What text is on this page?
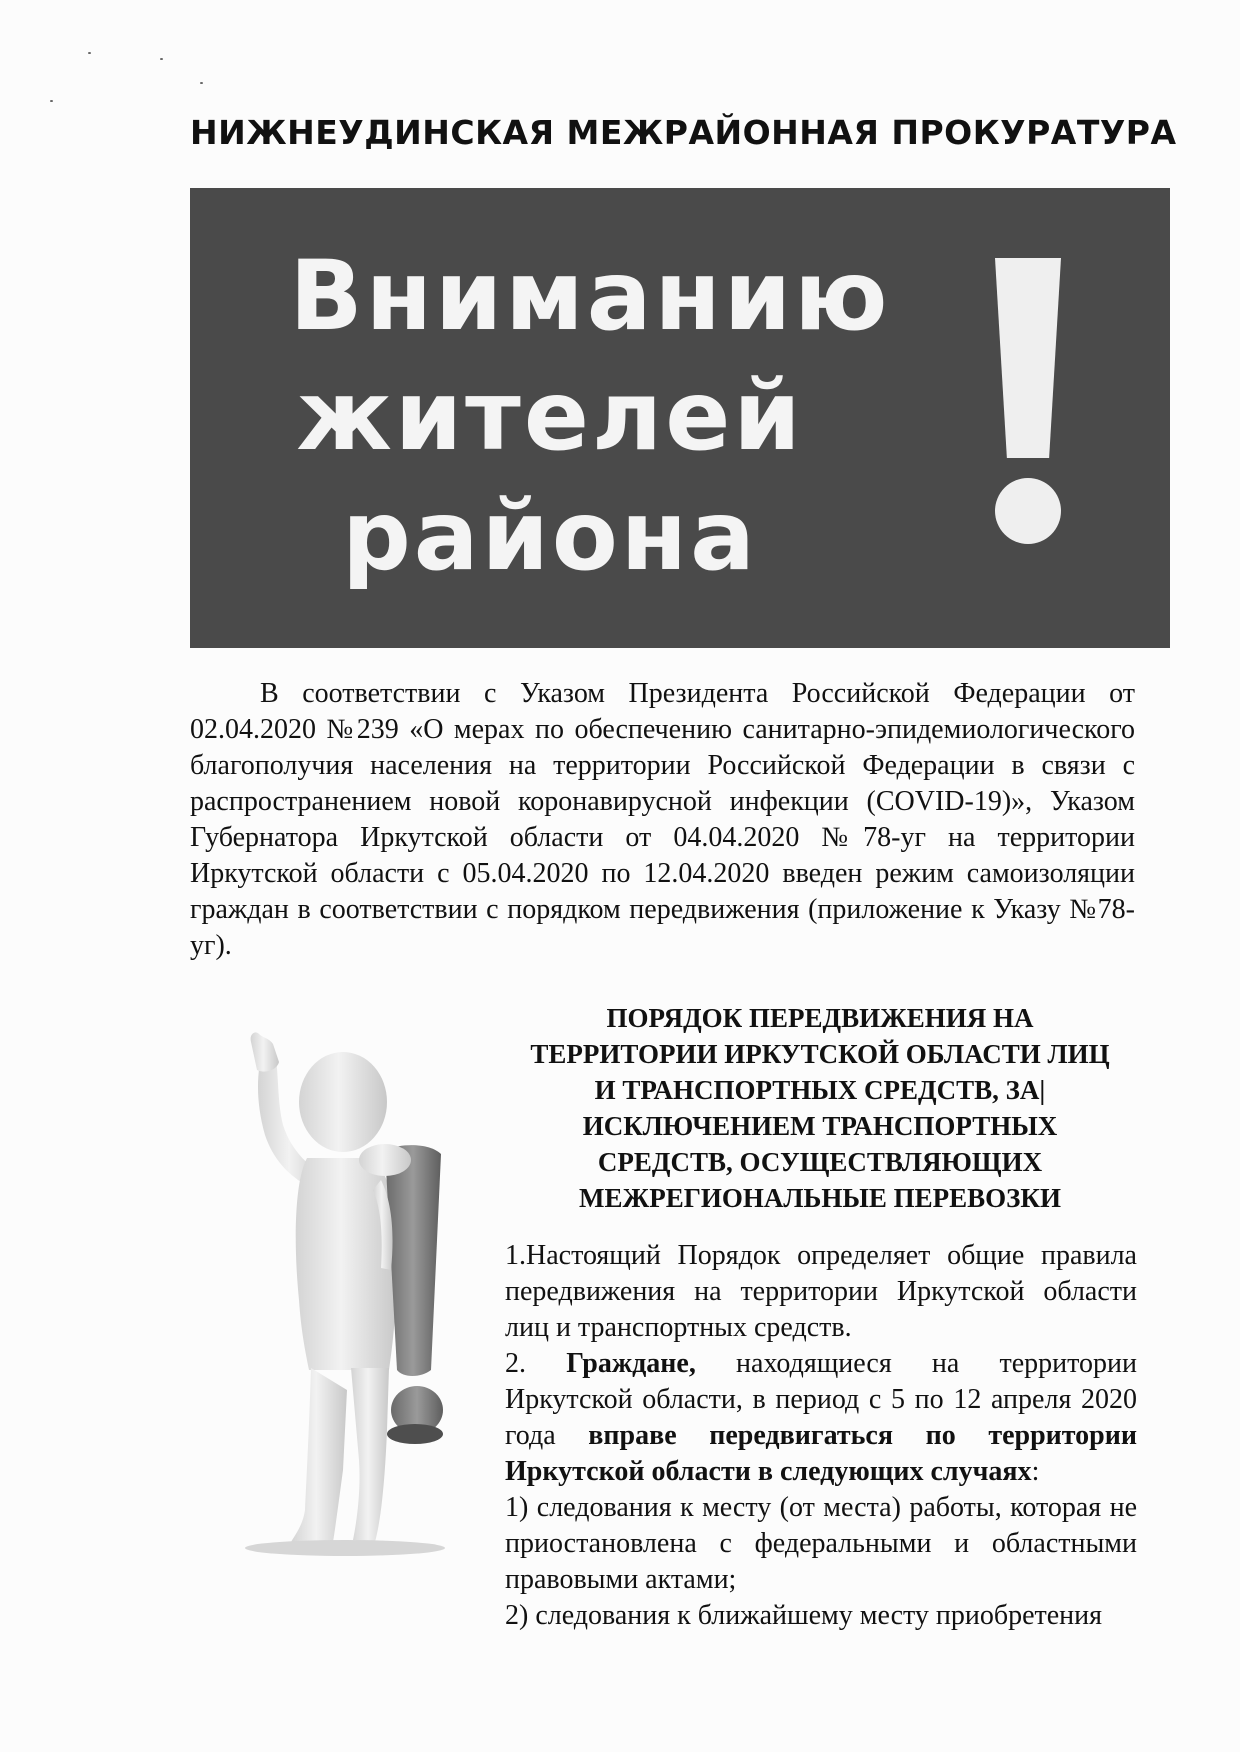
НИЖНЕУДИНСКАЯ МЕЖРАЙОННАЯ ПРОКУРАТУРА
Вниманию
жителей
района
В соответствии с Указом Президента Российской Федерации от 02.04.2020 №239 «О мерах по обеспечению санитарно-эпидемиологического благополучия населения на территории Российской Федерации в связи с распространением новой коронавирусной инфекции (COVID-19)», Указом Губернатора Иркутской области от 04.04.2020 №78-уг на территории Иркутской области с 05.04.2020 по 12.04.2020 введен режим самоизоляции граждан в соответствии с порядком передвижения (приложение к Указу №78-уг).
ПОРЯДОК ПЕРЕДВИЖЕНИЯ НА
ТЕРРИТОРИИ ИРКУТСКОЙ ОБЛАСТИ ЛИЦ
И ТРАНСПОРТНЫХ СРЕДСТВ, ЗА|
ИСКЛЮЧЕНИЕМ ТРАНСПОРТНЫХ
СРЕДСТВ, ОСУЩЕСТВЛЯЮЩИХ
МЕЖРЕГИОНАЛЬНЫЕ ПЕРЕВОЗКИ

1.Настоящий Порядок определяет общие правила передвижения на территории Иркутской области лиц и транспортных средств.

2. Граждане, находящиеся на территории Иркутской области, в период с 5 по 12 апреля 2020 года вправе передвигаться по территории Иркутской области в следующих случаях:

1) следования к месту (от места) работы, которая не приостановлена с федеральными и областными правовыми актами;

2) следования к ближайшему месту приобретения
